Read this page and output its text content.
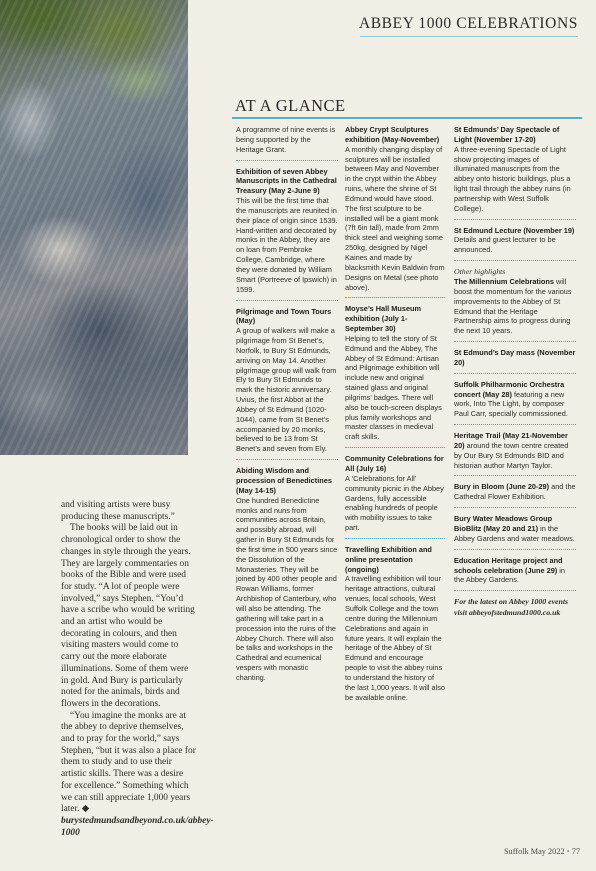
ABBEY 1000 CELEBRATIONS
AT A GLANCE

and visiting artists were busy producing these manuscripts.”

The books will be laid out in chronological order to show the changes in style through the years. They are largely commentaries on books of the Bible and were used for study. “A lot of people were involved,” says Stephen. “You’d have a scribe who would be writing and an artist who would be decorating in colours, and then visiting masters would come to carry out the more elaborate illuminations. Some of them were in gold. And Bury is particularly noted for the animals, birds and flowers in the decorations.

“You imagine the monks are at the abbey to deprive themselves, and to pray for the world,” says Stephen, “but it was also a place for them to study and to use their artistic skills. There was a desire for excellence.” Something which we can still appreciate 1,000 years later. ◆

burystedmundsandbeyond.co.uk/abbey-1000

A programme of nine events is being supported by the Heritage Grant.

Exhibition of seven Abbey Manuscripts in the Cathedral Treasury (May 2-June 9)

This will be the first time that the manuscripts are reunited in their place of origin since 1539. Hand-written and decorated by monks in the Abbey, they are on loan from Pembroke College, Cambridge, where they were donated by William Smart (Portreeve of Ipswich) in 1599.

Pilgrimage and Town Tours (May)

A group of walkers will make a pilgrimage from St Benet’s, Norfolk, to Bury St Edmunds, arriving on May 14. Another pilgrimage group will walk from Ely to Bury St Edmunds to mark the historic anniversary. Uvius, the first Abbot at the Abbey of St Edmund (1020-1044), came from St Benet’s accompanied by 20 monks, believed to be 13 from St Benet’s and seven from Ely.

Abiding Wisdom and procession of Benedictines (May 14-15)

One hundred Benedictine monks and nuns from communities across Britain, and possibly abroad, will gather in Bury St Edmunds for the first time in 500 years since the Dissolution of the Monasteries. They will be joined by 400 other people and Rowan Williams, former Archbishop of Canterbury, who will also be attending. The gathering will take part in a procession into the ruins of the Abbey Church. There will also be talks and workshops in the Cathedral and ecumenical vespers with monastic chanting.

Abbey Crypt Sculptures exhibition (May-November)

A monthly changing display of sculptures will be installed between May and November in the crypt within the Abbey ruins, where the shrine of St Edmund would have stood. The first sculpture to be installed will be a giant monk (7ft 6in tall), made from 2mm thick steel and weighing some 250kg, designed by Nigel Kaines and made by blacksmith Kevin Baldwin from Designs on Metal (see photo above).

Moyse’s Hall Museum exhibition (July 1-September 30)

Helping to tell the story of St Edmund and the Abbey, The Abbey of St Edmund: Artisan and Pilgrimage exhibition will include new and original stained glass and original pilgrims’ badges. There will also be touch-screen displays plus family workshops and master classes in medieval craft skills.

Community Celebrations for All (July 16)

A ‘Celebrations for All’ community picnic in the Abbey Gardens, fully accessible enabling hundreds of people with mobility issues to take part.

Travelling Exhibition and online presentation (ongoing)

A travelling exhibition will tour heritage attractions, cultural venues, local schools, West Suffolk College and the town centre during the Millennium Celebrations and again in future years. It will explain the heritage of the Abbey of St Edmund and encourage people to visit the abbey ruins to understand the history of the last 1,000 years. It will also be available online.

St Edmunds’ Day Spectacle of Light (November 17-20)

A three-evening Spectacle of Light show projecting images of illuminated manuscripts from the abbey onto historic buildings, plus a light trail through the abbey ruins (in partnership with West Suffolk College).

St Edmund Lecture (November 19)

Details and guest lecturer to be announced.

Other highlights

The Millennium Celebrations will boost the momentum for the various improvements to the Abbey of St Edmund that the Heritage Partnership aims to progress during the next 10 years.

St Edmund’s Day mass (November 20)

Suffolk Philharmonic Orchestra concert (May 28) featuring a new work, Into The Light, by composer Paul Carr, specially commissioned.

Heritage Trail (May 21-November 20) around the town centre created by Our Bury St Edmunds BID and historian author Martyn Taylor.

Bury in Bloom (June 20-29) and the Cathedral Flower Exhibition.

Bury Water Meadows Group BioBlitz (May 20 and 21) in the Abbey Gardens and water meadows.

Education Heritage project and schools celebration (June 29) in the Abbey Gardens.

For the latest on Abbey 1000 events visit abbeyofstedmund1000.co.uk

Suffolk May 2022 • 77
